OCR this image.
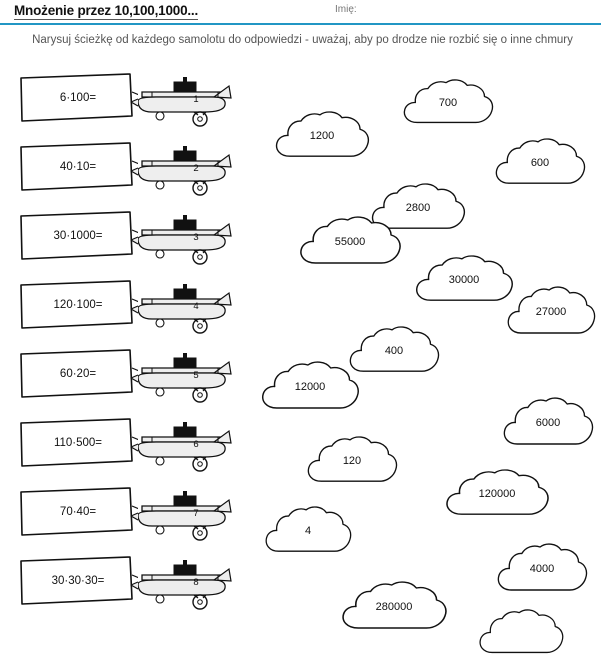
Mnożenie przez 10,100,1000...	Imię:
Narysuj ścieżkę od każdego samolotu do odpowiedzi - uważaj, aby po drodze nie rozbić się o inne chmury
6·100=	1
40·10=	2
30·1000=	3
120·100=	4
60·20=	5
110·500=	6
70·40=	7
30·30·30=	8
700
1200
600
2800
55000
30000
27000
400
12000
6000
120
120000
4
4000
280000
